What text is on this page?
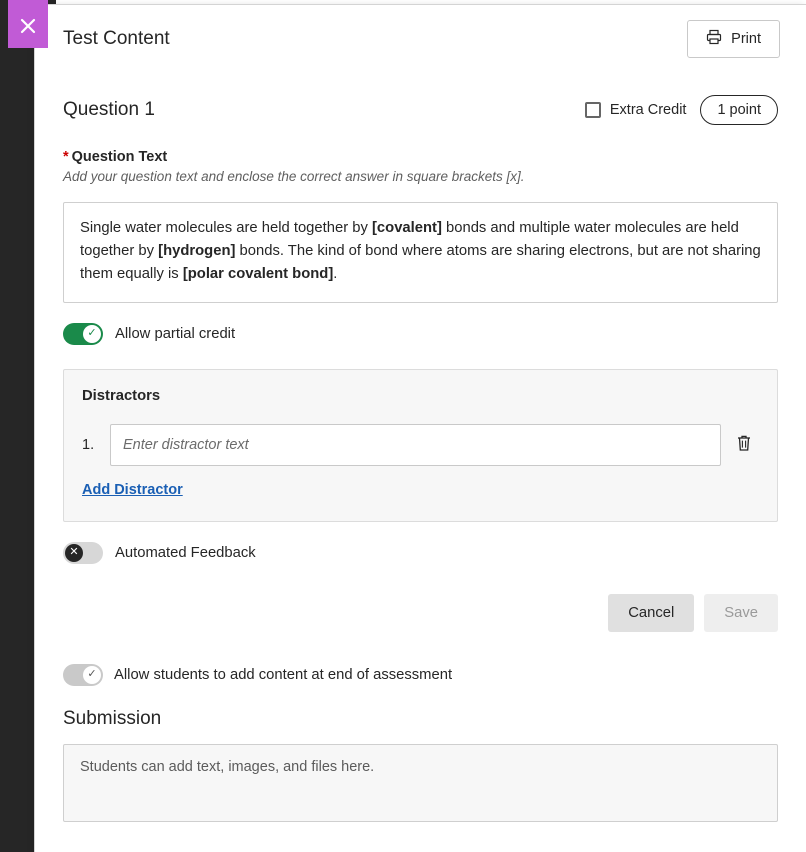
Test Content	Print
Question 1	Extra Credit	1 point
* Question Text
Add your question text and enclose the correct answer in square brackets [x].
Single water molecules are held together by [covalent] bonds and multiple water molecules are held together by [hydrogen] bonds. The kind of bond where atoms are sharing electrons, but are not sharing them equally is [polar covalent bond].
✓ Allow partial credit
Distractors
1.
Enter distractor text
Add Distractor
✕ Automated Feedback
Cancel	Save
✓ Allow students to add content at end of assessment
Submission
Students can add text, images, and files here.
